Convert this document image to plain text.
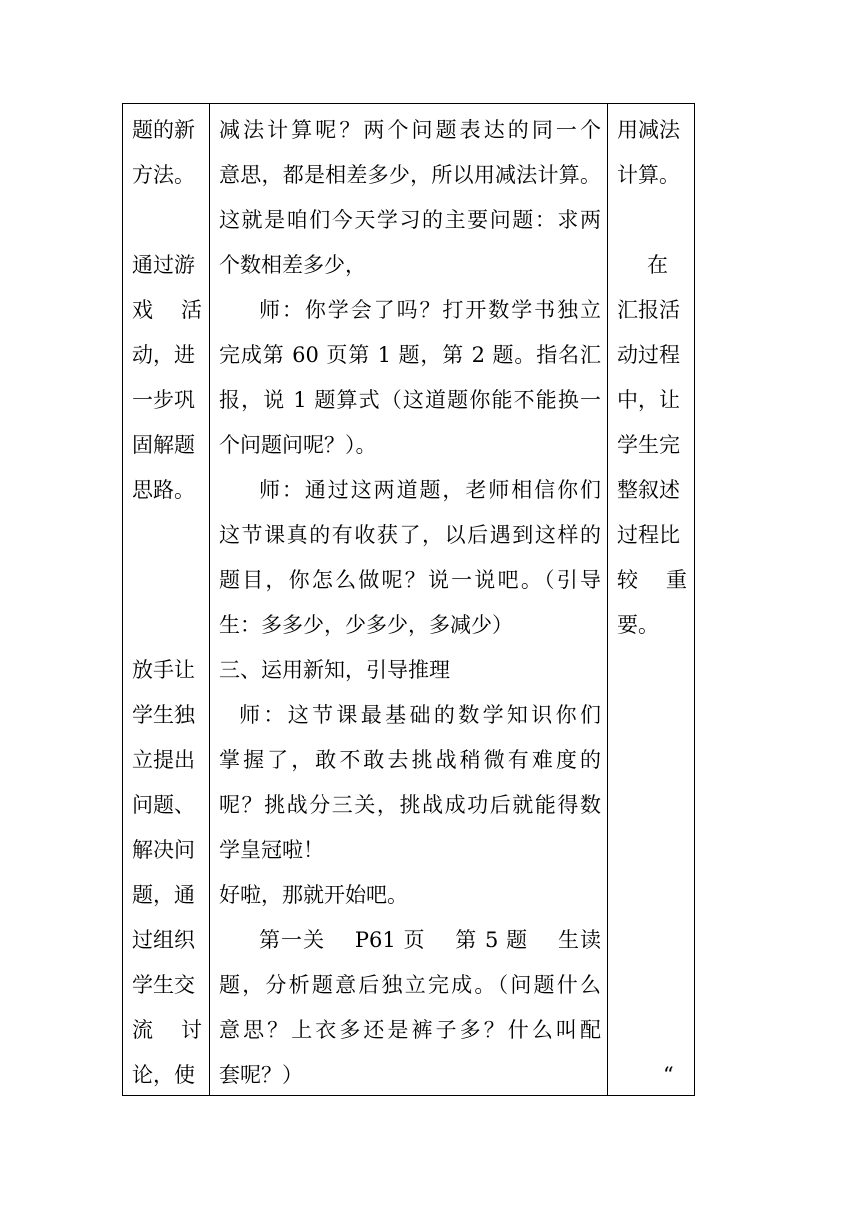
题的新
方法。
通过游
戏 活
动，进
一步巩
固解题
思路。
放手让
学生独
立提出
问题、
解决问
题，通
过组织
学生交
流 讨
论，使
减法计算呢？两个问题表达的同一个
意思，都是相差多少，所以用减法计算。
这就是咱们今天学习的主要问题：求两
个数相差多少，
师：你学会了吗？打开数学书独立
完成第 60 页第 1 题，第 2 题。指名汇
报，说 1 题算式（这道题你能不能换一
个问题问呢？）。
师：通过这两道题，老师相信你们
这节课真的有收获了，以后遇到这样的
题目，你怎么做呢？说一说吧。（引导
生：多多少，少多少，多减少）
三、运用新知，引导推理
师：这节课最基础的数学知识你们
掌握了，敢不敢去挑战稍微有难度的
呢？挑战分三关，挑战成功后就能得数
学皇冠啦！
好啦，那就开始吧。
第一关　 P61 页　 第 5 题　 生读
题，分析题意后独立完成。（问题什么
意思？上衣多还是裤子多？什么叫配
套呢？）
用减法
计算。
在
汇报活
动过程
中，让
学生完
整叙述
过程比
较 重
要。
“
